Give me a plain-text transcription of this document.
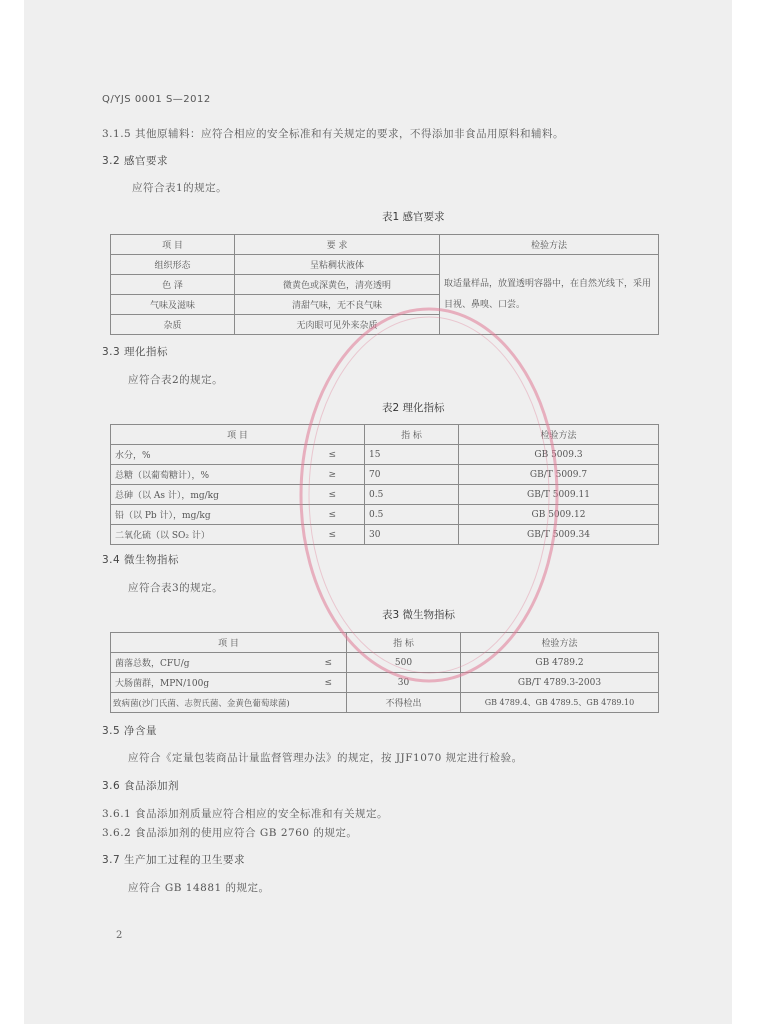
Q/YJS 0001 S—2012
3.1.5 其他原辅料：应符合相应的安全标准和有关规定的要求，不得添加非食品用原料和辅料。
3.2 感官要求
应符合表1的规定。
表1 感官要求
项 目	要 求	检验方法
组织形态	呈粘稠状液体	取适量样品，放置透明容器中，在自然光线下，采用目视、鼻嗅、口尝。
色 泽	微黄色或深黄色，清亮透明	
气味及滋味	清甜气味，无不良气味	
杂质	无肉眼可见外来杂质	
3.3 理化指标
应符合表2的规定。
表2 理化指标
项 目		指 标	检验方法
水分，%	≤	15	GB 5009.3
总糖（以葡萄糖计），%	≥	70	GB/T 5009.7
总砷（以 As 计），mg/kg	≤	0.5	GB/T 5009.11
铅（以 Pb 计），mg/kg	≤	0.5	GB 5009.12
二氧化硫（以 SO₂ 计）	≤	30	GB/T 5009.34
3.4 微生物指标
应符合表3的规定。
表3 微生物指标
项 目		指 标	检验方法
菌落总数，CFU/g	≤	500	GB 4789.2
大肠菌群，MPN/100g	≤	30	GB/T 4789.3-2003
致病菌(沙门氏菌、志贺氏菌、金黄色葡萄球菌)		不得检出	GB 4789.4、GB 4789.5、GB 4789.10
3.5 净含量
应符合《定量包装商品计量监督管理办法》的规定，按 JJF1070 规定进行检验。
3.6 食品添加剂
3.6.1 食品添加剂质量应符合相应的安全标准和有关规定。
3.6.2 食品添加剂的使用应符合 GB 2760 的规定。
3.7 生产加工过程的卫生要求
应符合 GB 14881 的规定。
2
